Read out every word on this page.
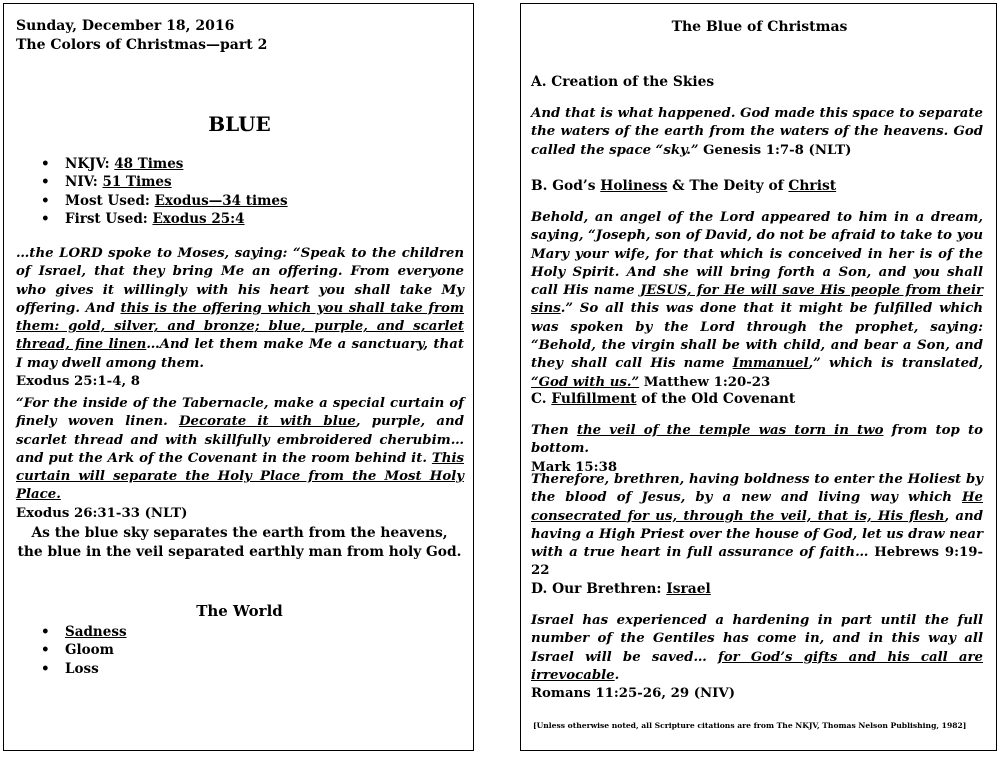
Sunday, December 18, 2016
The Colors of Christmas—part 2
BLUE
• NKJV: 48 Times
• NIV: 51 Times
• Most Used: Exodus—34 times
• First Used: Exodus 25:4
…the LORD spoke to Moses, saying: “Speak to the children of Israel, that they bring Me an offering. From everyone who gives it willingly with his heart you shall take My offering. And this is the offering which you shall take from them: gold, silver, and bronze; blue, purple, and scarlet thread, fine linen…And let them make Me a sanctuary, that I may dwell among them.
Exodus 25:1-4, 8
“For the inside of the Tabernacle, make a special curtain of finely woven linen. Decorate it with blue, purple, and scarlet thread and with skillfully embroidered cherubim…and put the Ark of the Covenant in the room behind it. This curtain will separate the Holy Place from the Most Holy Place.
Exodus 26:31-33 (NLT)
As the blue sky separates the earth from the heavens,
the blue in the veil separated earthly man from holy God.
The World
• Sadness
• Gloom
• Loss
The Blue of Christmas
A. Creation of the Skies
And that is what happened. God made this space to separate the waters of the earth from the waters of the heavens. God called the space “sky.” Genesis 1:7-8 (NLT)
B. God’s Holiness & The Deity of Christ
Behold, an angel of the Lord appeared to him in a dream, saying, “Joseph, son of David, do not be afraid to take to you Mary your wife, for that which is conceived in her is of the Holy Spirit. And she will bring forth a Son, and you shall call His name JESUS, for He will save His people from their sins.” So all this was done that it might be fulfilled which was spoken by the Lord through the prophet, saying: “Behold, the virgin shall be with child, and bear a Son, and they shall call His name Immanuel,” which is translated, “God with us.” Matthew 1:20-23
C. Fulfillment of the Old Covenant
Then the veil of the temple was torn in two from top to bottom.
Mark 15:38
Therefore, brethren, having boldness to enter the Holiest by the blood of Jesus, by a new and living way which He consecrated for us, through the veil, that is, His flesh, and having a High Priest over the house of God, let us draw near with a true heart in full assurance of faith… Hebrews 9:19-22
D. Our Brethren: Israel
Israel has experienced a hardening in part until the full number of the Gentiles has come in, and in this way all Israel will be saved… for God’s gifts and his call are irrevocable.
Romans 11:25-26, 29 (NIV)
[Unless otherwise noted, all Scripture citations are from The NKJV, Thomas Nelson Publishing, 1982]
